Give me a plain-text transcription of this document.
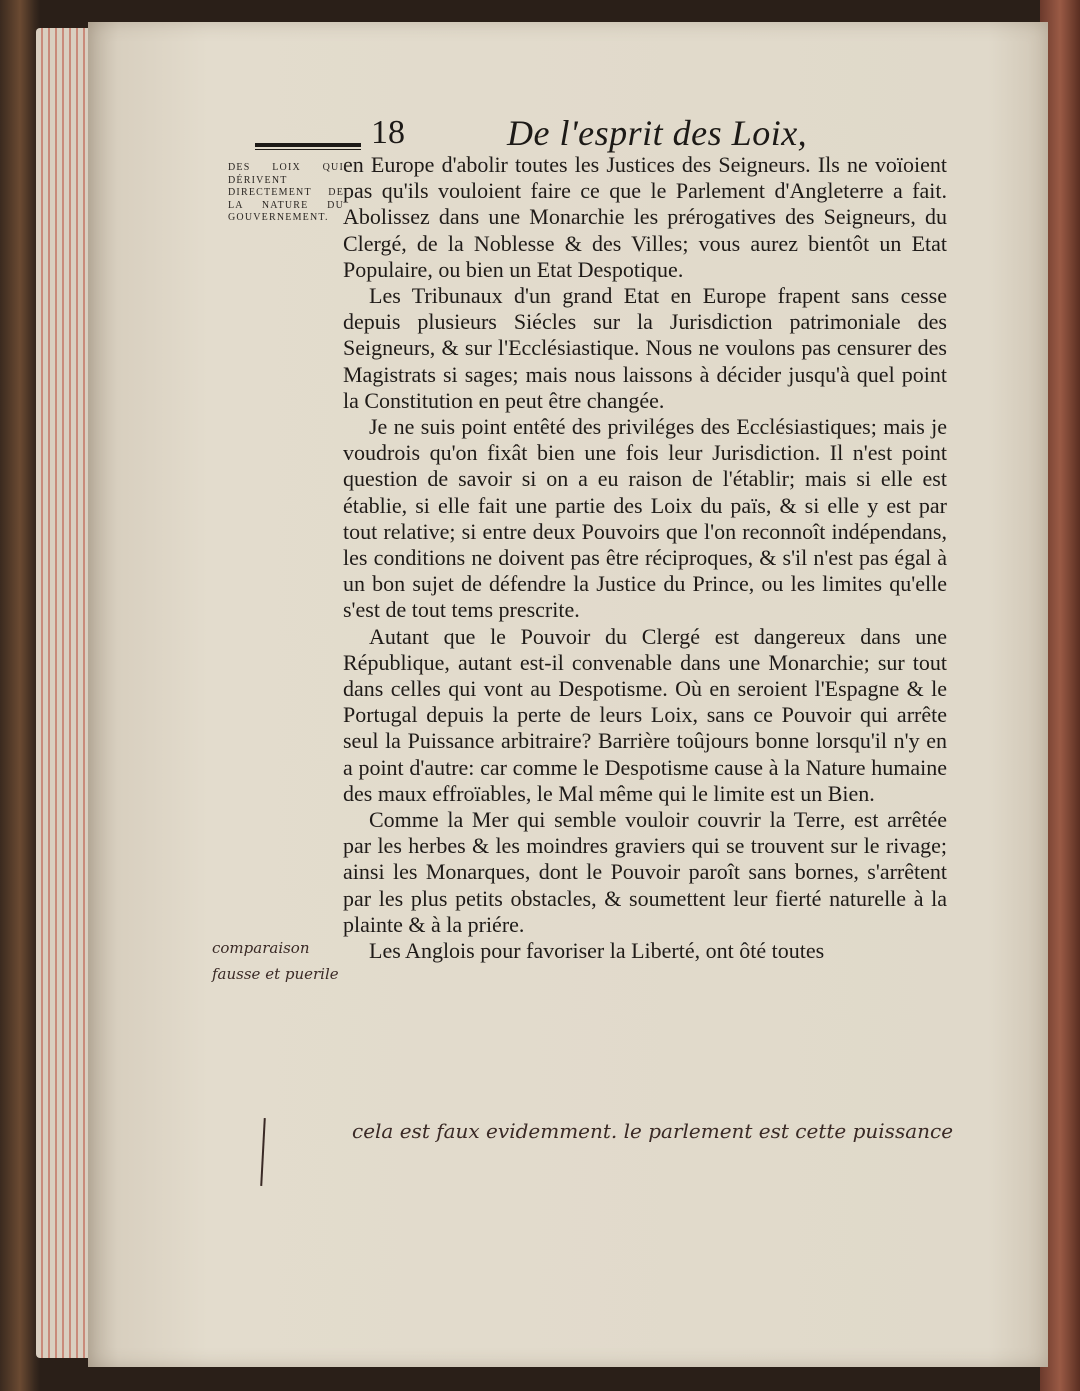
18	De l'esprit des Loix,
DES LOIX QUI DÉRIVENT DIRECTEMENT DE LA NATURE DU GOUVERNEMENT.

en Europe d'abolir toutes les Justices des Seigneurs. Ils ne voïoient pas qu'ils vouloient faire ce que le Parlement d'Angleterre a fait. Abolissez dans une Monarchie les prérogatives des Seigneurs, du Clergé, de la Noblesse & des Villes; vous aurez bientôt un Etat Populaire, ou bien un Etat Despotique.

Les Tribunaux d'un grand Etat en Europe frapent sans cesse depuis plusieurs Siécles sur la Jurisdiction patrimoniale des Seigneurs, & sur l'Ecclésiastique. Nous ne voulons pas censurer des Magistrats si sages; mais nous laissons à décider jusqu'à quel point la Constitution en peut être changée.

Je ne suis point entêté des priviléges des Ecclésiastiques; mais je voudrois qu'on fixât bien une fois leur Jurisdiction. Il n'est point question de savoir si on a eu raison de l'établir; mais si elle est établie, si elle fait une partie des Loix du païs, & si elle y est par tout relative; si entre deux Pouvoirs que l'on reconnoît indépendans, les conditions ne doivent pas être réciproques, & s'il n'est pas égal à un bon sujet de défendre la Justice du Prince, ou les limites qu'elle s'est de tout tems prescrite.

Autant que le Pouvoir du Clergé est dangereux dans une République, autant est-il convenable dans une Monarchie; sur tout dans celles qui vont au Despotisme. Où en seroient l'Espagne & le Portugal depuis la perte de leurs Loix, sans ce Pouvoir qui arrête seul la Puissance arbitraire? Barrière toûjours bonne lorsqu'il n'y en a point d'autre: car comme le Despotisme cause à la Nature humaine des maux effroïables, le Mal même qui le limite est un Bien.

Comme la Mer qui semble vouloir couvrir la Terre, est arrêtée par les herbes & les moindres graviers qui se trouvent sur le rivage; ainsi les Monarques, dont le Pouvoir paroît sans bornes, s'arrêtent par les plus petits obstacles, & soumettent leur fierté naturelle à la plainte & à la priére.

Les Anglois pour favoriser la Liberté, ont ôté toutes

comparaison fausse et puerile
cela est faux evidemment. le parlement est cette puissance
